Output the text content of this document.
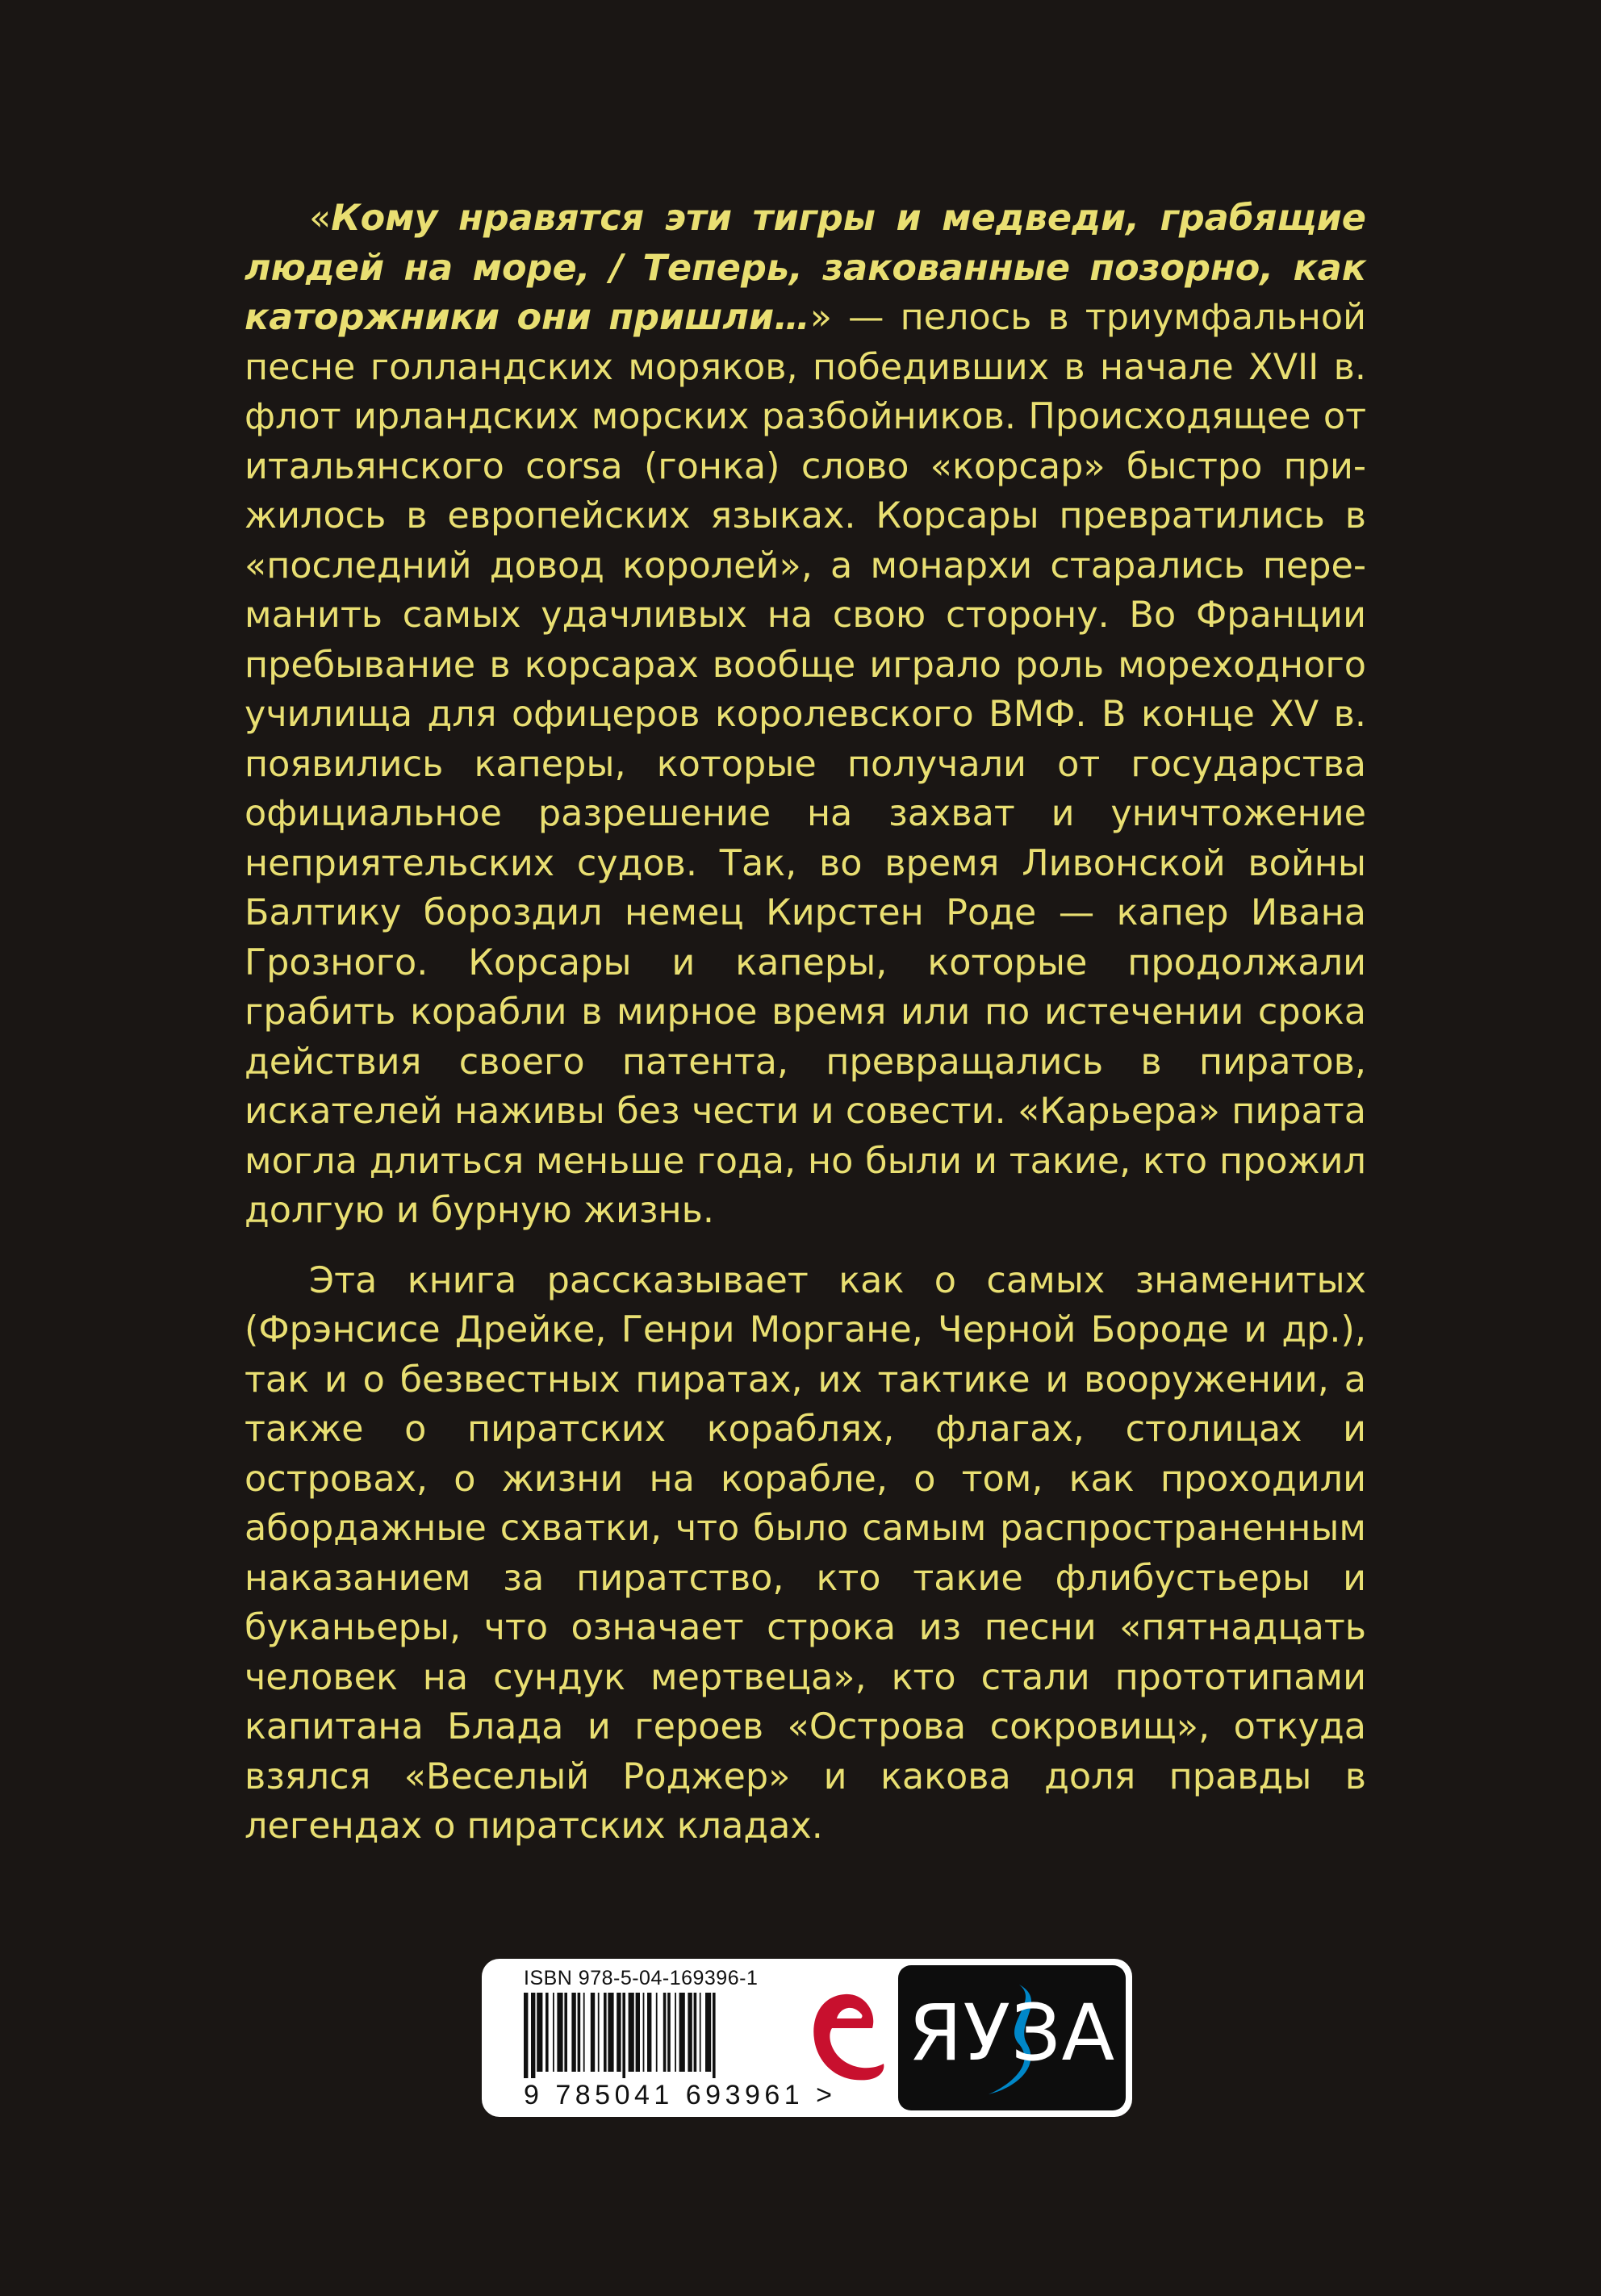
«Кому нравятся эти тигры и медведи, грабящие людей на море, / Теперь, закованные позорно, как каторжники они пришли…» — пелось в триумфальной песне голландских моряков, победивших в начале XVII в. флот ирландских морских разбойников. Происходящее от итальянского corsa (гонка) слово «корсар» быстро прижилось в европейских языках. Корсары превратились в «последний довод королей», а монархи старались переманить самых удачливых на свою сторону. Во Франции пребывание в корсарах вообще играло роль мореходного училища для офицеров королевского ВМФ. В конце XV в. появились каперы, которые получали от государства официальное разрешение на захват и уничтожение неприятельских судов. Так, во время Ливонской войны Балтику бороздил немец Кирстен Роде — капер Ивана Грозного. Корсары и каперы, которые продолжали грабить корабли в мирное время или по истечении срока действия своего патента, превращались в пиратов, искателей наживы без чести и совести. «Карьера» пирата могла длиться меньше года, но были и такие, кто прожил долгую и бурную жизнь.

Эта книга рассказывает как о самых знаменитых (Фрэнсисе Дрейке, Генри Моргане, Черной Бороде и др.), так и о безвестных пиратах, их тактике и вооружении, а также о пиратских кораблях, флагах, столицах и островах, о жизни на корабле, о том, как проходили абордажные схватки, что было самым распространенным наказанием за пиратство, кто такие флибустьеры и буканьеры, что означает строка из песни «пятнадцать человек на сундук мертвеца», кто стали прототипами капитана Блада и героев «Острова сокровищ», откуда взялся «Веселый Роджер» и какова доля правды в легендах о пиратских кладах.

ISBN 978-5-04-169396-1
9 785041 693961 >
ЯУЗА
